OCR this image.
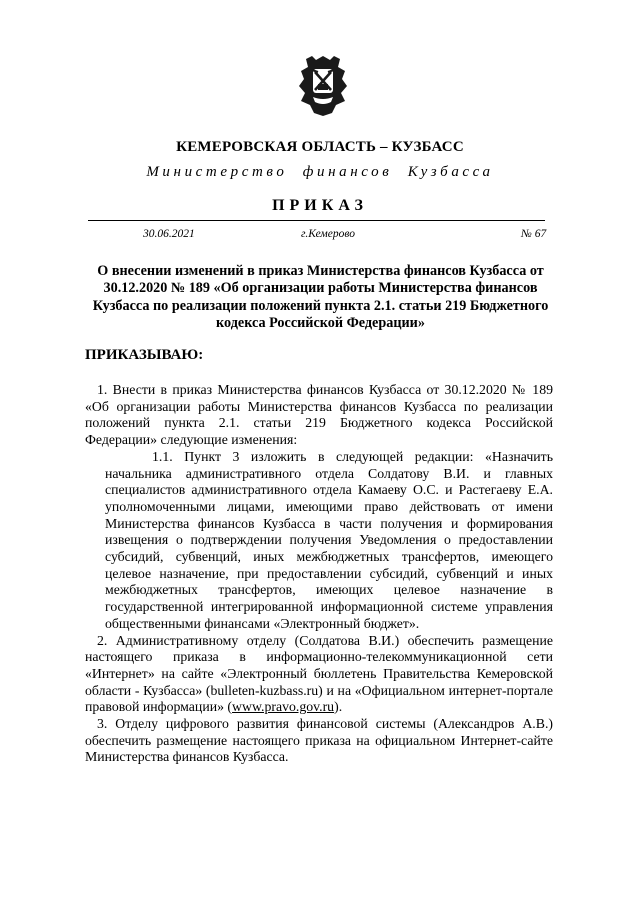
КЕМЕРОВСКАЯ ОБЛАСТЬ – КУЗБАСС
Министерство финансов Кузбасса
ПРИКАЗ
30.06.2021	г.Кемерово	№ 67
О внесении изменений в приказ Министерства финансов Кузбасса от 30.12.2020 № 189 «Об организации работы Министерства финансов Кузбасса по реализации положений пункта 2.1. статьи 219 Бюджетного кодекса Российской Федерации»
ПРИКАЗЫВАЮ:

1. Внести в приказ Министерства финансов Кузбасса от 30.12.2020 № 189 «Об организации работы Министерства финансов Кузбасса по реализации положений пункта 2.1. статьи 219 Бюджетного кодекса Российской Федерации» следующие изменения:

1.1. Пункт 3 изложить в следующей редакции: «Назначить начальника административного отдела Солдатову В.И. и главных специалистов административного отдела Камаеву О.С. и Растегаеву Е.А. уполномоченными лицами, имеющими право действовать от имени Министерства финансов Кузбасса в части получения и формирования извещения о подтверждении получения Уведомления о предоставлении субсидий, субвенций, иных межбюджетных трансфертов, имеющего целевое назначение, при предоставлении субсидий, субвенций и иных межбюджетных трансфертов, имеющих целевое назначение в государственной интегрированной информационной системе управления общественными финансами «Электронный бюджет».

2. Административному отделу (Солдатова В.И.) обеспечить размещение настоящего приказа в информационно-телекоммуникационной сети «Интернет» на сайте «Электронный бюллетень Правительства Кемеровской области - Кузбасса» (bulleten-kuzbass.ru) и на «Официальном интернет-портале правовой информации» (www.pravo.gov.ru).

3. Отделу цифрового развития финансовой системы (Александров А.В.) обеспечить размещение настоящего приказа на официальном Интернет-сайте Министерства финансов Кузбасса.
